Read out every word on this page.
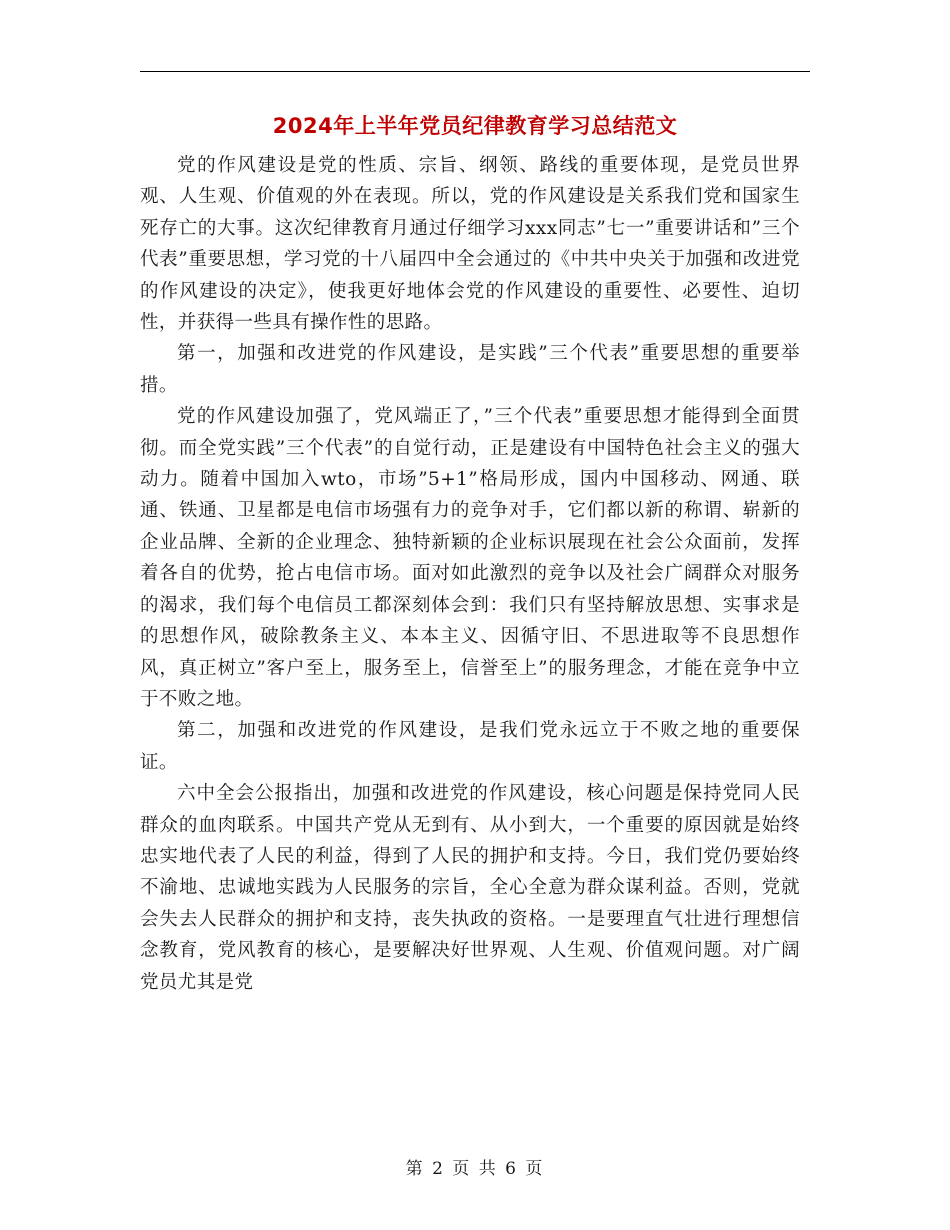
2024年上半年党员纪律教育学习总结范文

党的作风建设是党的性质、宗旨、纲领、路线的重要体现，是党员世界观、人生观、价值观的外在表现。所以，党的作风建设是关系我们党和国家生死存亡的大事。这次纪律教育月通过仔细学习xxx同志”七一”重要讲话和”三个代表”重要思想，学习党的十八届四中全会通过的《中共中央关于加强和改进党的作风建设的决定》，使我更好地体会党的作风建设的重要性、必要性、迫切性，并获得一些具有操作性的思路。

第一，加强和改进党的作风建设，是实践”三个代表”重要思想的重要举措。

党的作风建设加强了，党风端正了，”三个代表”重要思想才能得到全面贯彻。而全党实践”三个代表”的自觉行动，正是建设有中国特色社会主义的强大动力。随着中国加入wto，市场”5+1”格局形成，国内中国移动、网通、联通、铁通、卫星都是电信市场强有力的竞争对手，它们都以新的称谓、崭新的企业品牌、全新的企业理念、独特新颖的企业标识展现在社会公众面前，发挥着各自的优势，抢占电信市场。面对如此激烈的竞争以及社会广阔群众对服务的渴求，我们每个电信员工都深刻体会到：我们只有坚持解放思想、实事求是的思想作风，破除教条主义、本本主义、因循守旧、不思进取等不良思想作风，真正树立”客户至上，服务至上，信誉至上”的服务理念，才能在竞争中立于不败之地。

第二，加强和改进党的作风建设，是我们党永远立于不败之地的重要保证。

六中全会公报指出，加强和改进党的作风建设，核心问题是保持党同人民群众的血肉联系。中国共产党从无到有、从小到大，一个重要的原因就是始终忠实地代表了人民的利益，得到了人民的拥护和支持。今日，我们党仍要始终不渝地、忠诚地实践为人民服务的宗旨，全心全意为群众谋利益。否则，党就会失去人民群众的拥护和支持，丧失执政的资格。一是要理直气壮进行理想信念教育，党风教育的核心，是要解决好世界观、人生观、价值观问题。对广阔党员尤其是党

第 2 页 共 6 页
